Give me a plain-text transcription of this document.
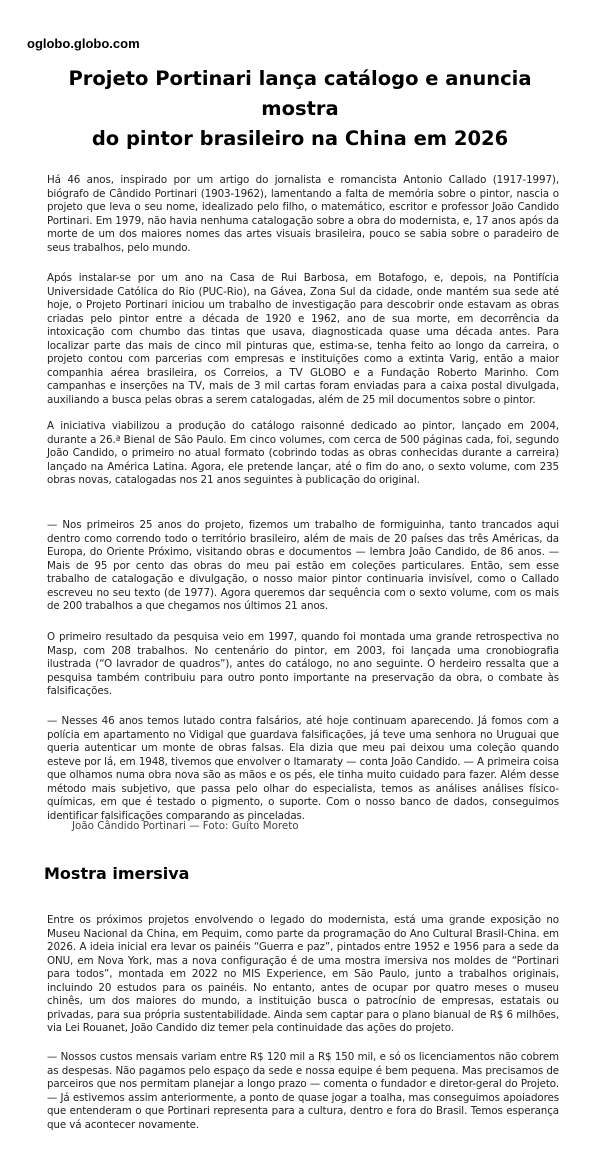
oglobo.globo.com
Projeto Portinari lança catálogo e anuncia mostra
do pintor brasileiro na China em 2026

Há 46 anos, inspirado por um artigo do jornalista e romancista Antonio Callado (1917-1997), biógrafo de Cândido Portinari (1903-1962), lamentando a falta de memória sobre o pintor, nascia o projeto que leva o seu nome, idealizado pelo filho, o matemático, escritor e professor João Candido Portinari. Em 1979, não havia nenhuma catalogação sobre a obra do modernista, e, 17 anos após da morte de um dos maiores nomes das artes visuais brasileira, pouco se sabia sobre o paradeiro de seus trabalhos, pelo mundo.

Após instalar-se por um ano na Casa de Rui Barbosa, em Botafogo, e, depois, na Pontifícia Universidade Católica do Rio (PUC-Rio), na Gávea, Zona Sul da cidade, onde mantém sua sede até hoje, o Projeto Portinari iniciou um trabalho de investigação para descobrir onde estavam as obras criadas pelo pintor entre a década de 1920 e 1962, ano de sua morte, em decorrência da intoxicação com chumbo das tintas que usava, diagnosticada quase uma década antes. Para localizar parte das mais de cinco mil pinturas que, estima-se, tenha feito ao longo da carreira, o projeto contou com parcerias com empresas e instituições como a extinta Varig, então a maior companhia aérea brasileira, os Correios, a TV GLOBO e a Fundação Roberto Marinho. Com campanhas e inserções na TV, mais de 3 mil cartas foram enviadas para a caixa postal divulgada, auxiliando a busca pelas obras a serem catalogadas, além de 25 mil documentos sobre o pintor.

A iniciativa viabilizou a produção do catálogo raisonné dedicado ao pintor, lançado em 2004, durante a 26.ª Bienal de São Paulo. Em cinco volumes, com cerca de 500 páginas cada, foi, segundo João Candido, o primeiro no atual formato (cobrindo todas as obras conhecidas durante a carreira) lançado na América Latina. Agora, ele pretende lançar, até o fim do ano, o sexto volume, com 235 obras novas, catalogadas nos 21 anos seguintes à publicação do original.

— Nos primeiros 25 anos do projeto, fizemos um trabalho de formiguinha, tanto trancados aqui dentro como correndo todo o território brasileiro, além de mais de 20 países das três Américas, da Europa, do Oriente Próximo, visitando obras e documentos — lembra João Candido, de 86 anos. — Mais de 95 por cento das obras do meu pai estão em coleções particulares. Então, sem esse trabalho de catalogação e divulgação, o nosso maior pintor continuaria invisível, como o Callado escreveu no seu texto (de 1977). Agora queremos dar sequência com o sexto volume, com os mais de 200 trabalhos a que chegamos nos últimos 21 anos.

O primeiro resultado da pesquisa veio em 1997, quando foi montada uma grande retrospectiva no Masp, com 208 trabalhos. No centenário do pintor, em 2003, foi lançada uma cronobiografia ilustrada (“O lavrador de quadros”), antes do catálogo, no ano seguinte. O herdeiro ressalta que a pesquisa também contribuiu para outro ponto importante na preservação da obra, o combate às falsificações.

— Nesses 46 anos temos lutado contra falsários, até hoje continuam aparecendo. Já fomos com a polícia em apartamento no Vidigal que guardava falsificações, já teve uma senhora no Uruguai que queria autenticar um monte de obras falsas. Ela dizia que meu pai deixou uma coleção quando esteve por lá, em 1948, tivemos que envolver o Itamaraty — conta João Candido. — A primeira coisa que olhamos numa obra nova são as mãos e os pés, ele tinha muito cuidado para fazer. Além desse método mais subjetivo, que passa pelo olhar do especialista, temos as análises análises físico-químicas, em que é testado o pigmento, o suporte. Com o nosso banco de dados, conseguimos identificar falsificações comparando as pinceladas.

João Cândido Portinari — Foto: Guito Moreto

Mostra imersiva

Entre os próximos projetos envolvendo o legado do modernista, está uma grande exposição no Museu Nacional da China, em Pequim, como parte da programação do Ano Cultural Brasil-China. em 2026. A ideia inicial era levar os painéis “Guerra e paz”, pintados entre 1952 e 1956 para a sede da ONU, em Nova York, mas a nova configuração é de uma mostra imersiva nos moldes de “Portinari para todos”, montada em 2022 no MIS Experience, em São Paulo, junto a trabalhos originais, incluindo 20 estudos para os painéis. No entanto, antes de ocupar por quatro meses o museu chinês, um dos maiores do mundo, a instituição busca o patrocínio de empresas, estatais ou privadas, para sua própria sustentabilidade. Ainda sem captar para o plano bianual de R$ 6 milhões, via Lei Rouanet, João Candido diz temer pela continuidade das ações do projeto.

— Nossos custos mensais variam entre R$ 120 mil a R$ 150 mil, e só os licenciamentos não cobrem as despesas. Não pagamos pelo espaço da sede e nossa equipe é bem pequena. Mas precisamos de parceiros que nos permitam planejar a longo prazo — comenta o fundador e diretor-geral do Projeto. — Já estivemos assim anteriormente, a ponto de quase jogar a toalha, mas conseguimos apoiadores que entenderam o que Portinari representa para a cultura, dentro e fora do Brasil. Temos esperança que vá acontecer novamente.
